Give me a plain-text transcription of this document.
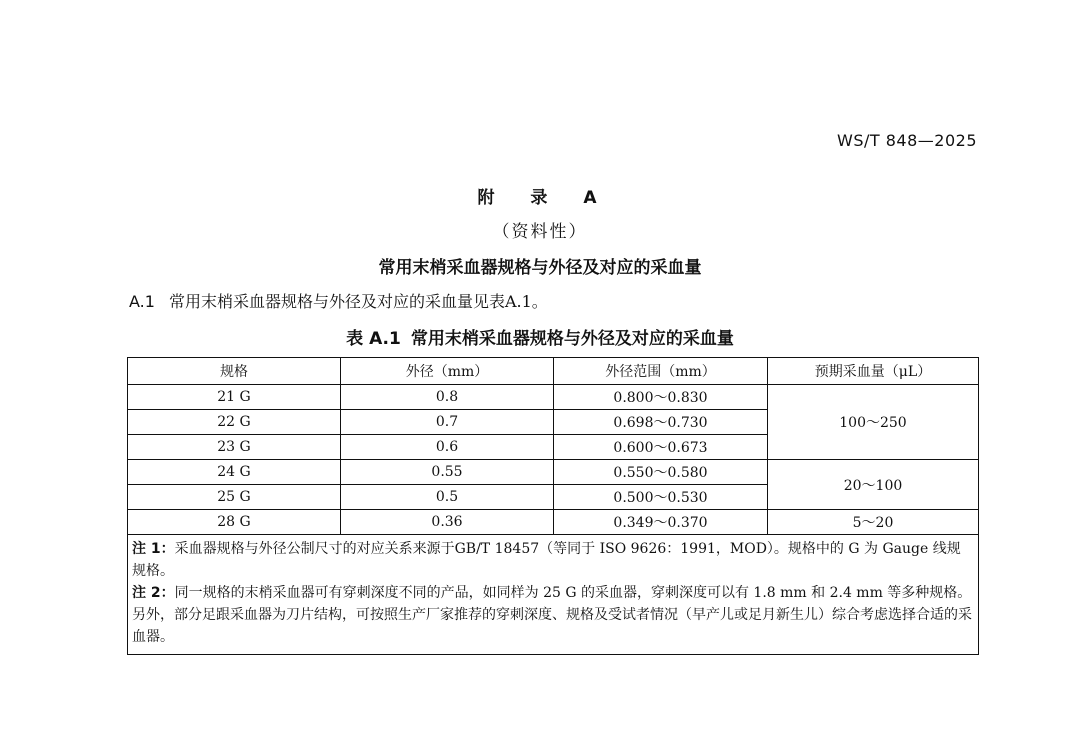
WS/T 848—2025
附 录 A
（资料性）
常用末梢采血器规格与外径及对应的采血量
A.1 常用末梢采血器规格与外径及对应的采血量见表A.1。
表 A.1 常用末梢采血器规格与外径及对应的采血量
规格	外径（mm）	外径范围（mm）	预期采血量（μL）
21 G	0.8	0.800～0.830	100～250
22 G	0.7	0.698～0.730	
23 G	0.6	0.600～0.673	
24 G	0.55	0.550～0.580	20～100
25 G	0.5	0.500～0.530	
28 G	0.36	0.349～0.370	5～20

注 1：采血器规格与外径公制尺寸的对应关系来源于GB/T 18457（等同于 ISO 9626：1991，MOD）。规格中的 G 为 Gauge 线规规格。
注 2：同一规格的末梢采血器可有穿刺深度不同的产品，如同样为 25 G 的采血器，穿刺深度可以有 1.8 mm 和 2.4 mm 等多种规格。另外，部分足跟采血器为刀片结构，可按照生产厂家推荐的穿刺深度、规格及受试者情况（早产儿或足月新生儿）综合考虑选择合适的采血器。			
